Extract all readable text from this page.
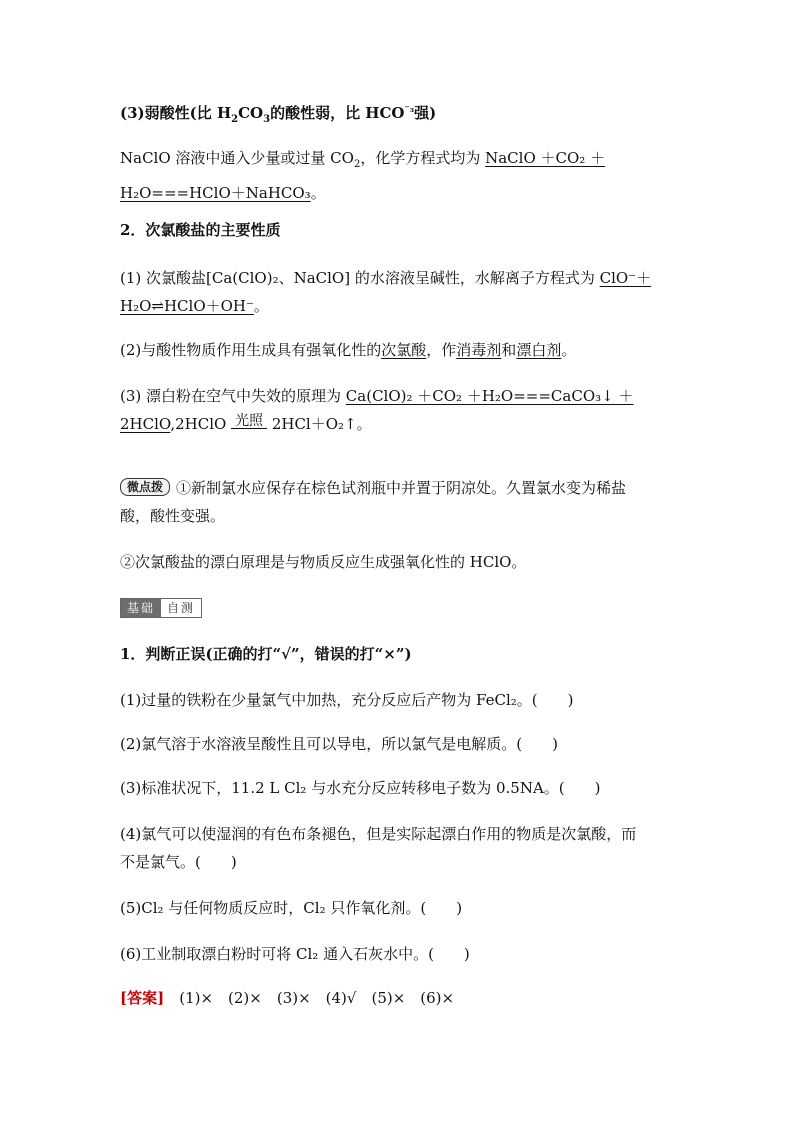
(3)弱酸性(比 $H_2CO_3$的酸性弱，比 $HCO^{^-_3}$强)

NaClO 溶液中通入少量或过量 $CO_2$，化学方程式均为 NaClO ＋CO₂ ＋
H₂O===HClO＋NaHCO₃。

2．次氯酸盐的主要性质

(1) 次氯酸盐[Ca(ClO)₂、NaClO] 的水溶液呈碱性，水解离子方程式为 ClO⁻＋
H₂O⇌HClO＋OH⁻。

(2)与酸性物质作用生成具有强氧化性的次氯酸，作消毒剂和漂白剂。

(3) 漂白粉在空气中失效的原理为 Ca(ClO)₂ ＋CO₂ ＋H₂O===CaCO₃↓ ＋
2HClO,2HClO 光照 2HCl＋O₂↑。

微点拨 ①新制氯水应保存在棕色试剂瓶中并置于阴凉处。久置氯水变为稀盐
酸，酸性变强。

②次氯酸盐的漂白原理是与物质反应生成强氧化性的 HClO。

基础	自测

1．判断正误(正确的打“√”，错误的打“×”)

(1)过量的铁粉在少量氯气中加热，充分反应后产物为 FeCl₂。(　　)

(2)氯气溶于水溶液呈酸性且可以导电，所以氯气是电解质。(　　)

(3)标准状况下，11.2 L Cl₂ 与水充分反应转移电子数为 0.5NA。(　　)

(4)氯气可以使湿润的有色布条褪色，但是实际起漂白作用的物质是次氯酸，而
不是氯气。(　　)

(5)Cl₂ 与任何物质反应时，Cl₂ 只作氧化剂。(　　)

(6)工业制取漂白粉时可将 Cl₂ 通入石灰水中。(　　)

[答案]　 (1)×　(2)×　(3)×　(4)√　(5)×　(6)×
